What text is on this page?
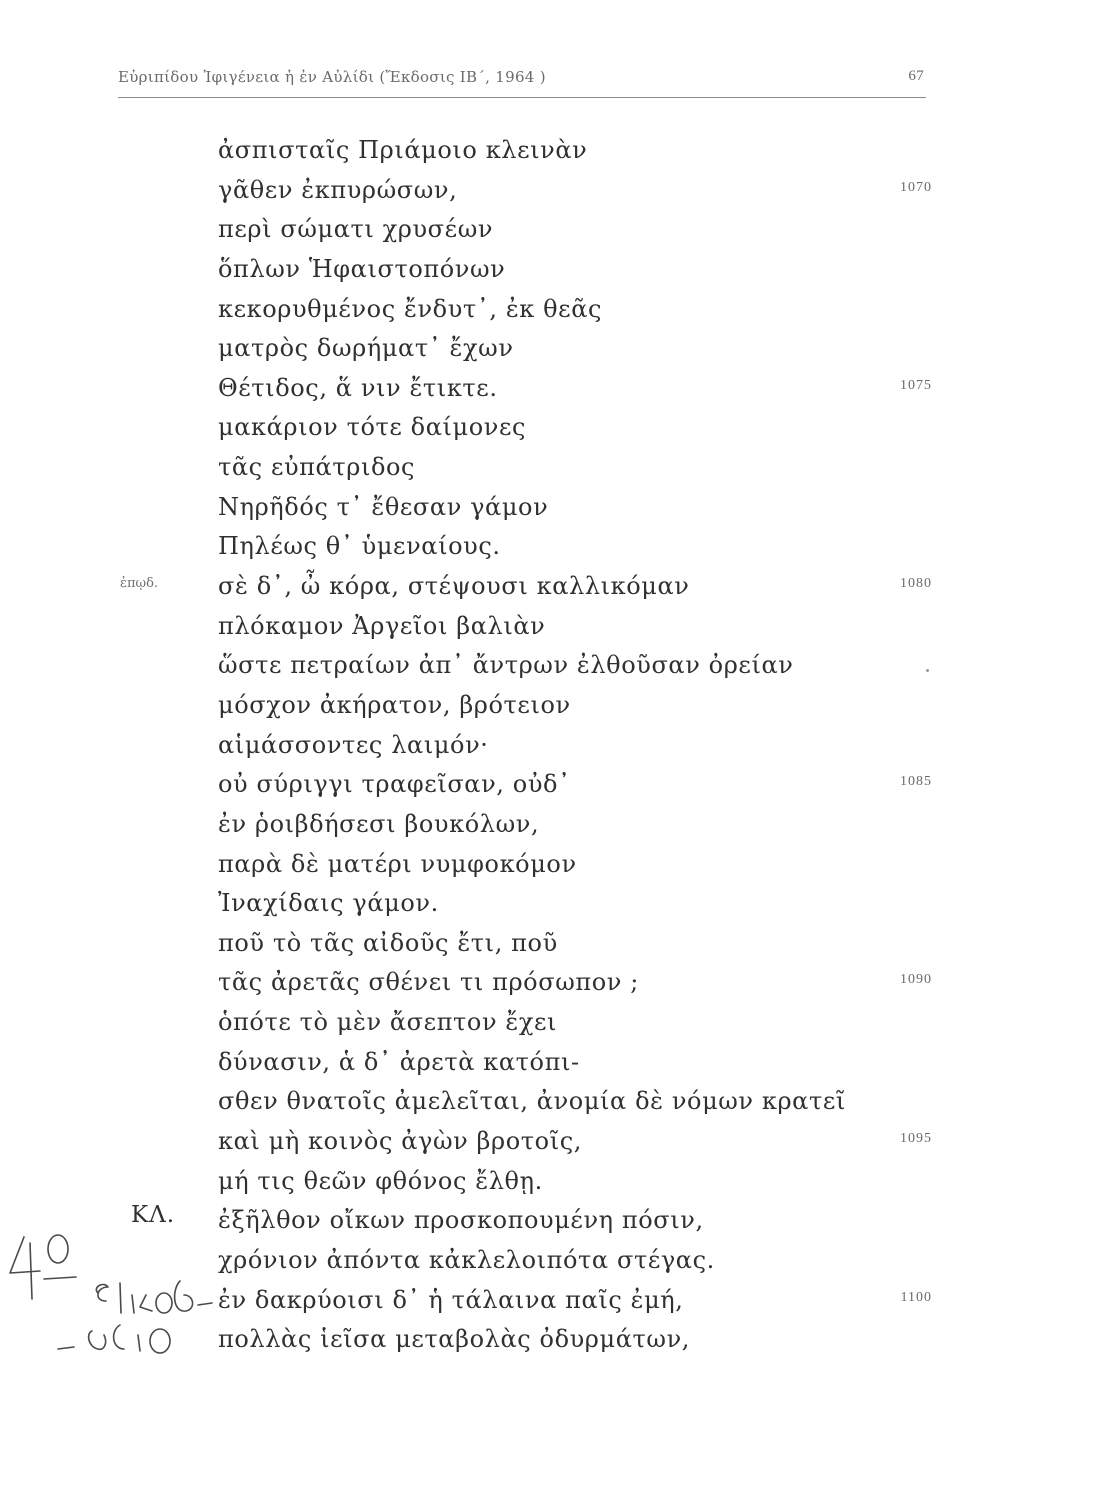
Εὐριπίδου Ἰφιγένεια ἡ ἐν Αὐλίδι (Ἔκδοσις ΙΒ΄, 1964 )	67
ἀσπισταῖς Πριάμοιο κλεινὰν
γᾶθεν ἐκπυρώσων,	1070
περὶ σώματι χρυσέων
ὅπλων Ἡφαιστοπόνων
κεκορυθμένος ἔνδυτ᾽, ἐκ θεᾶς
ματρὸς δωρήματ᾽ ἔχων
Θέτιδος, ἅ νιν ἔτικτε.	1075
μακάριον τότε δαίμονες
τᾶς εὐπάτριδος
Νηρῆδός τ᾽ ἔθεσαν γάμον
Πηλέως θ᾽ ὑμεναίους.
ἐπῳδ. σὲ δ᾽, ὦ κόρα, στέψουσι καλλικόμαν	1080
πλόκαμον Ἀργεῖοι βαλιὰν
ὥστε πετραίων ἀπ᾽ ἄντρων ἐλθοῦσαν ὀρείαν
μόσχον ἀκήρατον, βρότειον
αἱμάσσοντες λαιμόν·
οὐ σύριγγι τραφεῖσαν, οὐδ᾽	1085
ἐν ῥοιβδήσεσι βουκόλων,
παρὰ δὲ ματέρι νυμφοκόμον
Ἰναχίδαις γάμον.
ποῦ τὸ τᾶς αἰδοῦς ἔτι, ποῦ
τᾶς ἀρετᾶς σθένει τι πρόσωπον ;	1090
ὁπότε τὸ μὲν ἄσεπτον ἔχει
δύνασιν, ἁ δ᾽ ἀρετὰ κατόπι-
σθεν θνατοῖς ἀμελεῖται, ἀνομία δὲ νόμων κρατεῖ
καὶ μὴ κοινὸς ἀγὼν βροτοῖς,	1095
μή τις θεῶν φθόνος ἔλθῃ.
ΚΛ. ἐξῆλθον οἴκων προσκοπουμένη πόσιν,
χρόνιον ἀπόντα κἀκλελοιπότα στέγας.
ἐν δακρύοισι δ᾽ ἡ τάλαινα παῖς ἐμή,	1100
πολλὰς ἱεῖσα μεταβολὰς ὀδυρμάτων,
